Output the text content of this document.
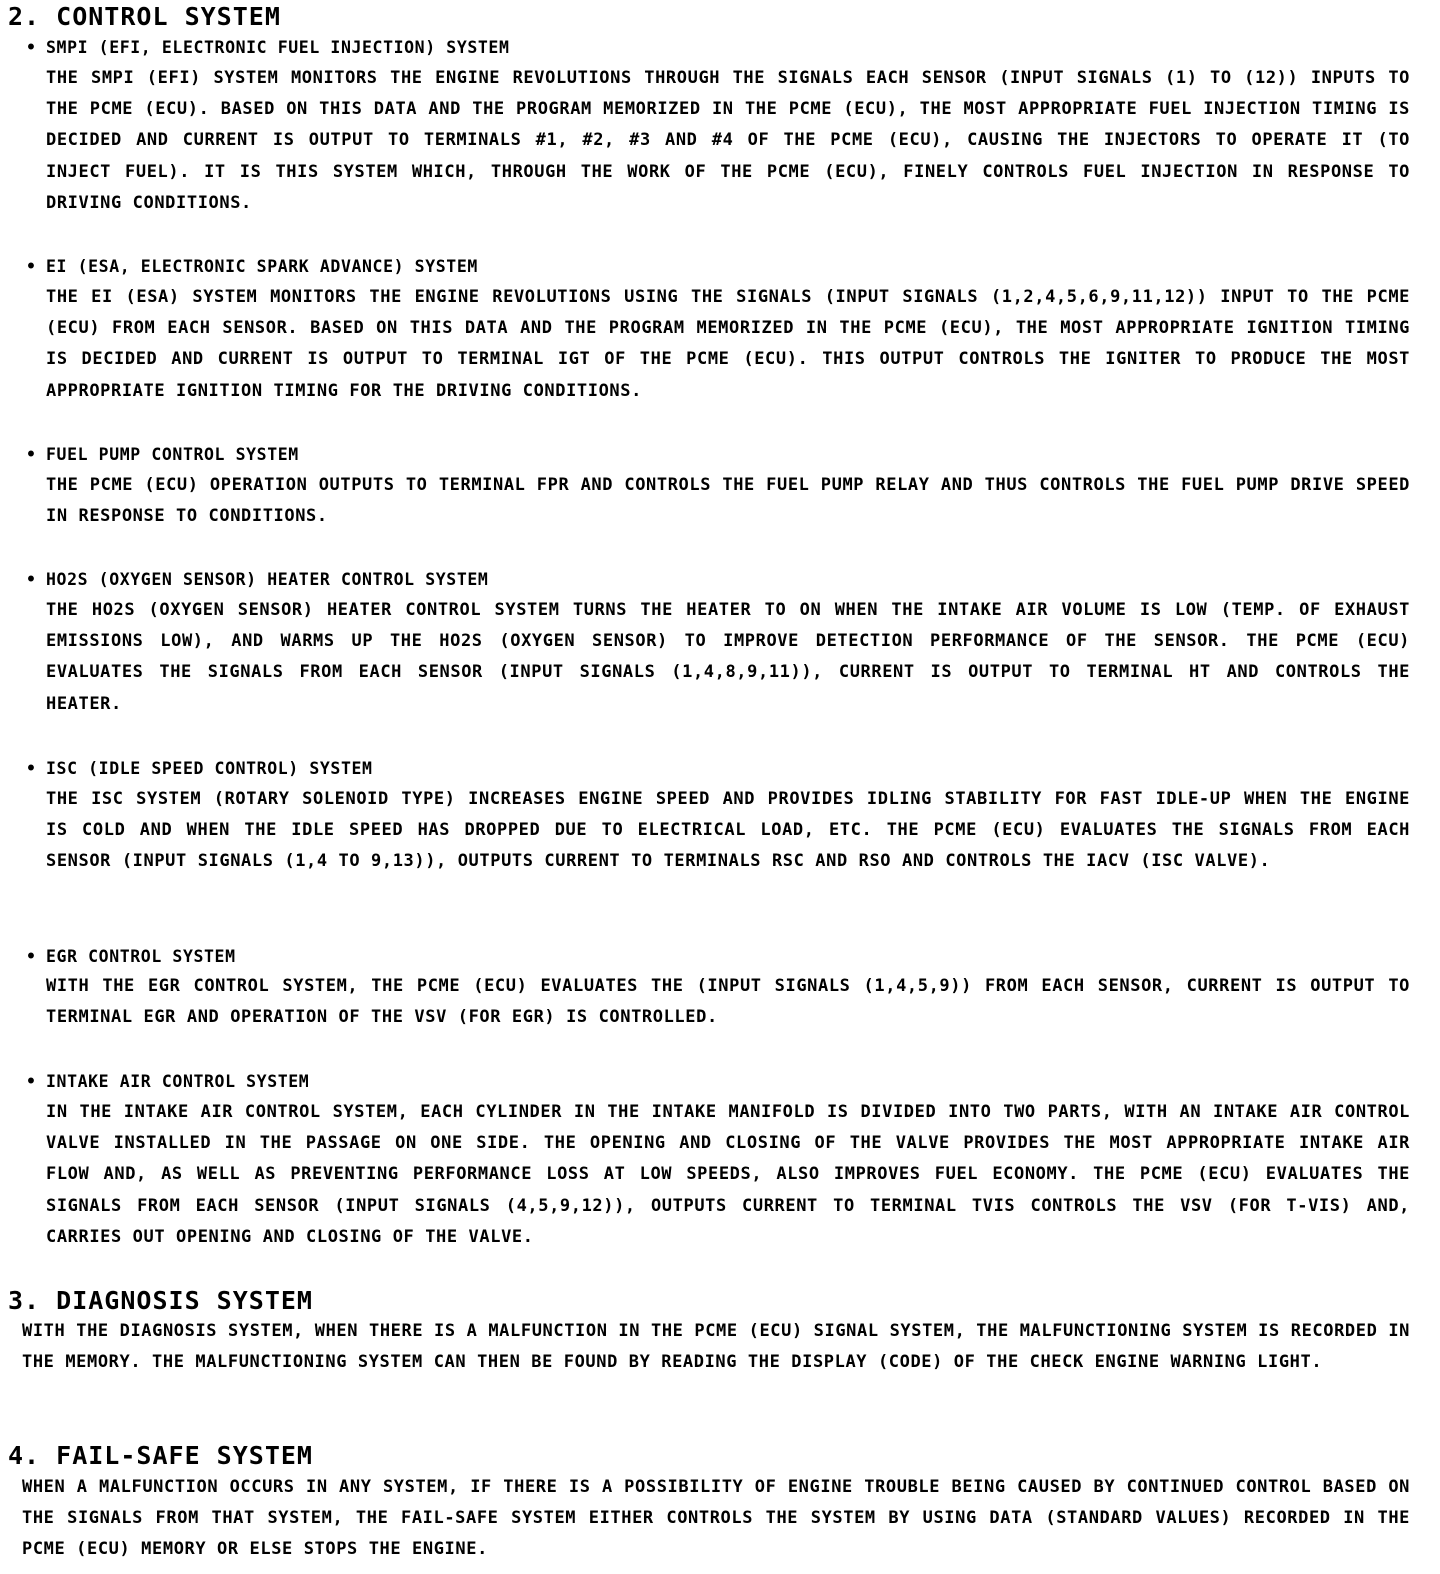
2. CONTROL SYSTEM
• SMPI (EFI, ELECTRONIC FUEL INJECTION) SYSTEM

THE SMPI (EFI) SYSTEM MONITORS THE ENGINE REVOLUTIONS THROUGH THE SIGNALS EACH SENSOR (INPUT SIGNALS (1) TO (12)) INPUTS TO THE PCME (ECU). BASED ON THIS DATA AND THE PROGRAM MEMORIZED IN THE PCME (ECU), THE MOST APPROPRIATE FUEL INJECTION TIMING IS DECIDED AND CURRENT IS OUTPUT TO TERMINALS #1, #2, #3 AND #4 OF THE PCME (ECU), CAUSING THE INJECTORS TO OPERATE IT (TO INJECT FUEL). IT IS THIS SYSTEM WHICH, THROUGH THE WORK OF THE PCME (ECU), FINELY CONTROLS FUEL INJECTION IN RESPONSE TO DRIVING CONDITIONS.

• EI (ESA, ELECTRONIC SPARK ADVANCE) SYSTEM

THE EI (ESA) SYSTEM MONITORS THE ENGINE REVOLUTIONS USING THE SIGNALS (INPUT SIGNALS (1,2,4,5,6,9,11,12)) INPUT TO THE PCME (ECU) FROM EACH SENSOR. BASED ON THIS DATA AND THE PROGRAM MEMORIZED IN THE PCME (ECU), THE MOST APPROPRIATE IGNITION TIMING IS DECIDED AND CURRENT IS OUTPUT TO TERMINAL IGT OF THE PCME (ECU). THIS OUTPUT CONTROLS THE IGNITER TO PRODUCE THE MOST APPROPRIATE IGNITION TIMING FOR THE DRIVING CONDITIONS.

• FUEL PUMP CONTROL SYSTEM

THE PCME (ECU) OPERATION OUTPUTS TO TERMINAL FPR AND CONTROLS THE FUEL PUMP RELAY AND THUS CONTROLS THE FUEL PUMP DRIVE SPEED IN RESPONSE TO CONDITIONS.

• HO2S (OXYGEN SENSOR) HEATER CONTROL SYSTEM

THE HO2S (OXYGEN SENSOR) HEATER CONTROL SYSTEM TURNS THE HEATER TO ON WHEN THE INTAKE AIR VOLUME IS LOW (TEMP. OF EXHAUST EMISSIONS LOW), AND WARMS UP THE HO2S (OXYGEN SENSOR) TO IMPROVE DETECTION PERFORMANCE OF THE SENSOR. THE PCME (ECU) EVALUATES THE SIGNALS FROM EACH SENSOR (INPUT SIGNALS (1,4,8,9,11)), CURRENT IS OUTPUT TO TERMINAL HT AND CONTROLS THE HEATER.

• ISC (IDLE SPEED CONTROL) SYSTEM

THE ISC SYSTEM (ROTARY SOLENOID TYPE) INCREASES ENGINE SPEED AND PROVIDES IDLING STABILITY FOR FAST IDLE-UP WHEN THE ENGINE IS COLD AND WHEN THE IDLE SPEED HAS DROPPED DUE TO ELECTRICAL LOAD, ETC. THE PCME (ECU) EVALUATES THE SIGNALS FROM EACH SENSOR (INPUT SIGNALS (1,4 TO 9,13)), OUTPUTS CURRENT TO TERMINALS RSC AND RSO AND CONTROLS THE IACV (ISC VALVE).

• EGR CONTROL SYSTEM

WITH THE EGR CONTROL SYSTEM, THE PCME (ECU) EVALUATES THE (INPUT SIGNALS (1,4,5,9)) FROM EACH SENSOR, CURRENT IS OUTPUT TO TERMINAL EGR AND OPERATION OF THE VSV (FOR EGR) IS CONTROLLED.

• INTAKE AIR CONTROL SYSTEM

IN THE INTAKE AIR CONTROL SYSTEM, EACH CYLINDER IN THE INTAKE MANIFOLD IS DIVIDED INTO TWO PARTS, WITH AN INTAKE AIR CONTROL VALVE INSTALLED IN THE PASSAGE ON ONE SIDE. THE OPENING AND CLOSING OF THE VALVE PROVIDES THE MOST APPROPRIATE INTAKE AIR FLOW AND, AS WELL AS PREVENTING PERFORMANCE LOSS AT LOW SPEEDS, ALSO IMPROVES FUEL ECONOMY. THE PCME (ECU) EVALUATES THE SIGNALS FROM EACH SENSOR (INPUT SIGNALS (4,5,9,12)), OUTPUTS CURRENT TO TERMINAL TVIS CONTROLS THE VSV (FOR T-VIS) AND, CARRIES OUT OPENING AND CLOSING OF THE VALVE.

3. DIAGNOSIS SYSTEM

WITH THE DIAGNOSIS SYSTEM, WHEN THERE IS A MALFUNCTION IN THE PCME (ECU) SIGNAL SYSTEM, THE MALFUNCTIONING SYSTEM IS RECORDED IN THE MEMORY. THE MALFUNCTIONING SYSTEM CAN THEN BE FOUND BY READING THE DISPLAY (CODE) OF THE CHECK ENGINE WARNING LIGHT.

4. FAIL-SAFE SYSTEM

WHEN A MALFUNCTION OCCURS IN ANY SYSTEM, IF THERE IS A POSSIBILITY OF ENGINE TROUBLE BEING CAUSED BY CONTINUED CONTROL BASED ON THE SIGNALS FROM THAT SYSTEM, THE FAIL-SAFE SYSTEM EITHER CONTROLS THE SYSTEM BY USING DATA (STANDARD VALUES) RECORDED IN THE PCME (ECU) MEMORY OR ELSE STOPS THE ENGINE.
